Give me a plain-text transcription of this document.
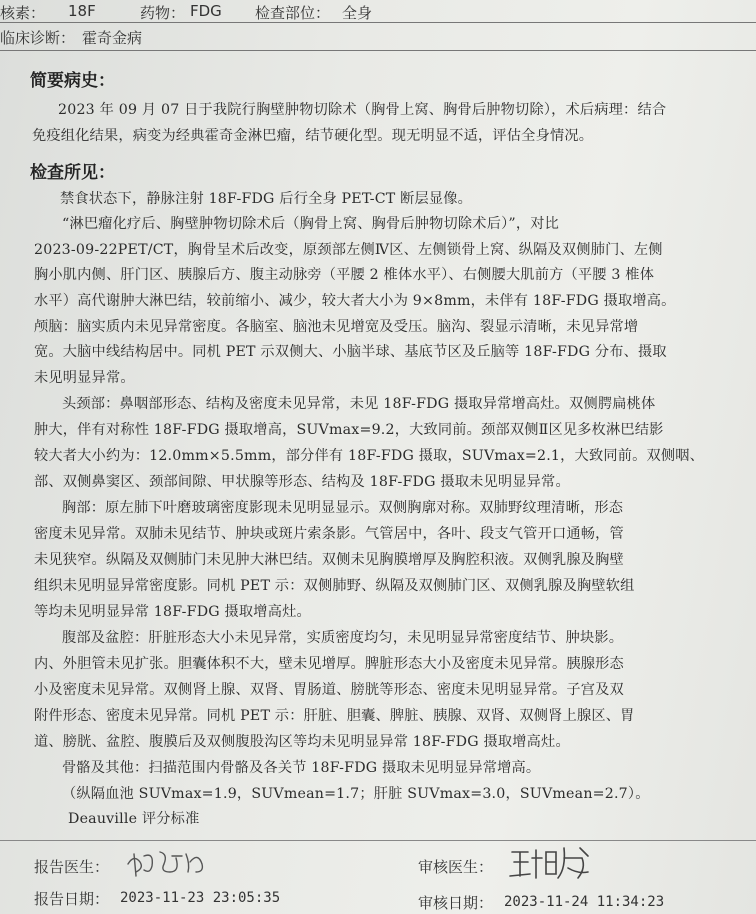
核素： 18F	药物： FDG 检查部位： 全身
临床诊断： 霍奇金病
简要病史：
2023 年 09 月 07 日于我院行胸壁肿物切除术（胸骨上窝、胸骨后肿物切除），术后病理：结合
免疫组化结果，病变为经典霍奇金淋巴瘤，结节硬化型。现无明显不适，评估全身情况。
检查所见：
禁食状态下，静脉注射 18F-FDG 后行全身 PET-CT 断层显像。
“淋巴瘤化疗后、胸壁肿物切除术后（胸骨上窝、胸骨后肿物切除术后）”，对比
2023-09-22PET/CT，胸骨呈术后改变，原颈部左侧Ⅳ区、左侧锁骨上窝、纵隔及双侧肺门、左侧
胸小肌内侧、肝门区、胰腺后方、腹主动脉旁（平腰 2 椎体水平）、右侧腰大肌前方（平腰 3 椎体
水平）高代谢肿大淋巴结，较前缩小、减少，较大者大小为 9×8mm，未伴有 18F-FDG 摄取增高。
颅脑：脑实质内未见异常密度。各脑室、脑池未见增宽及受压。脑沟、裂显示清晰，未见异常增
宽。大脑中线结构居中。同机 PET 示双侧大、小脑半球、基底节区及丘脑等 18F-FDG 分布、摄取
未见明显异常。
头颈部：鼻咽部形态、结构及密度未见异常，未见 18F-FDG 摄取异常增高灶。双侧腭扁桃体
肿大，伴有对称性 18F-FDG 摄取增高，SUVmax=9.2，大致同前。颈部双侧Ⅱ区见多枚淋巴结影
较大者大小约为：12.0mm×5.5mm，部分伴有 18F-FDG 摄取，SUVmax=2.1，大致同前。双侧咽、
部、双侧鼻窦区、颈部间隙、甲状腺等形态、结构及 18F-FDG 摄取未见明显异常。
胸部：原左肺下叶磨玻璃密度影现未见明显显示。双侧胸廓对称。双肺野纹理清晰，形态
密度未见异常。双肺未见结节、肿块或斑片索条影。气管居中，各叶、段支气管开口通畅，管
未见狭窄。纵隔及双侧肺门未见肿大淋巴结。双侧未见胸膜增厚及胸腔积液。双侧乳腺及胸壁
组织未见明显异常密度影。同机 PET 示：双侧肺野、纵隔及双侧肺门区、双侧乳腺及胸壁软组
等均未见明显异常 18F-FDG 摄取增高灶。
腹部及盆腔：肝脏形态大小未见异常，实质密度均匀，未见明显异常密度结节、肿块影。
内、外胆管未见扩张。胆囊体积不大，壁未见增厚。脾脏形态大小及密度未见异常。胰腺形态
小及密度未见异常。双侧肾上腺、双肾、胃肠道、膀胱等形态、密度未见明显异常。子宫及双
附件形态、密度未见异常。同机 PET 示：肝脏、胆囊、脾脏、胰腺、双肾、双侧肾上腺区、胃
道、膀胱、盆腔、腹膜后及双侧腹股沟区等均未见明显异常 18F-FDG 摄取增高灶。
骨骼及其他：扫描范围内骨骼及各关节 18F-FDG 摄取未见明显异常增高。
（纵隔血池 SUVmax=1.9，SUVmean=1.7；肝脏 SUVmax=3.0，SUVmean=2.7）。
Deauville 评分标准
报告医生：	审核医生：
报告日期： 2023-11-23 23:05:35	审核日期： 2023-11-24 11:34:23
